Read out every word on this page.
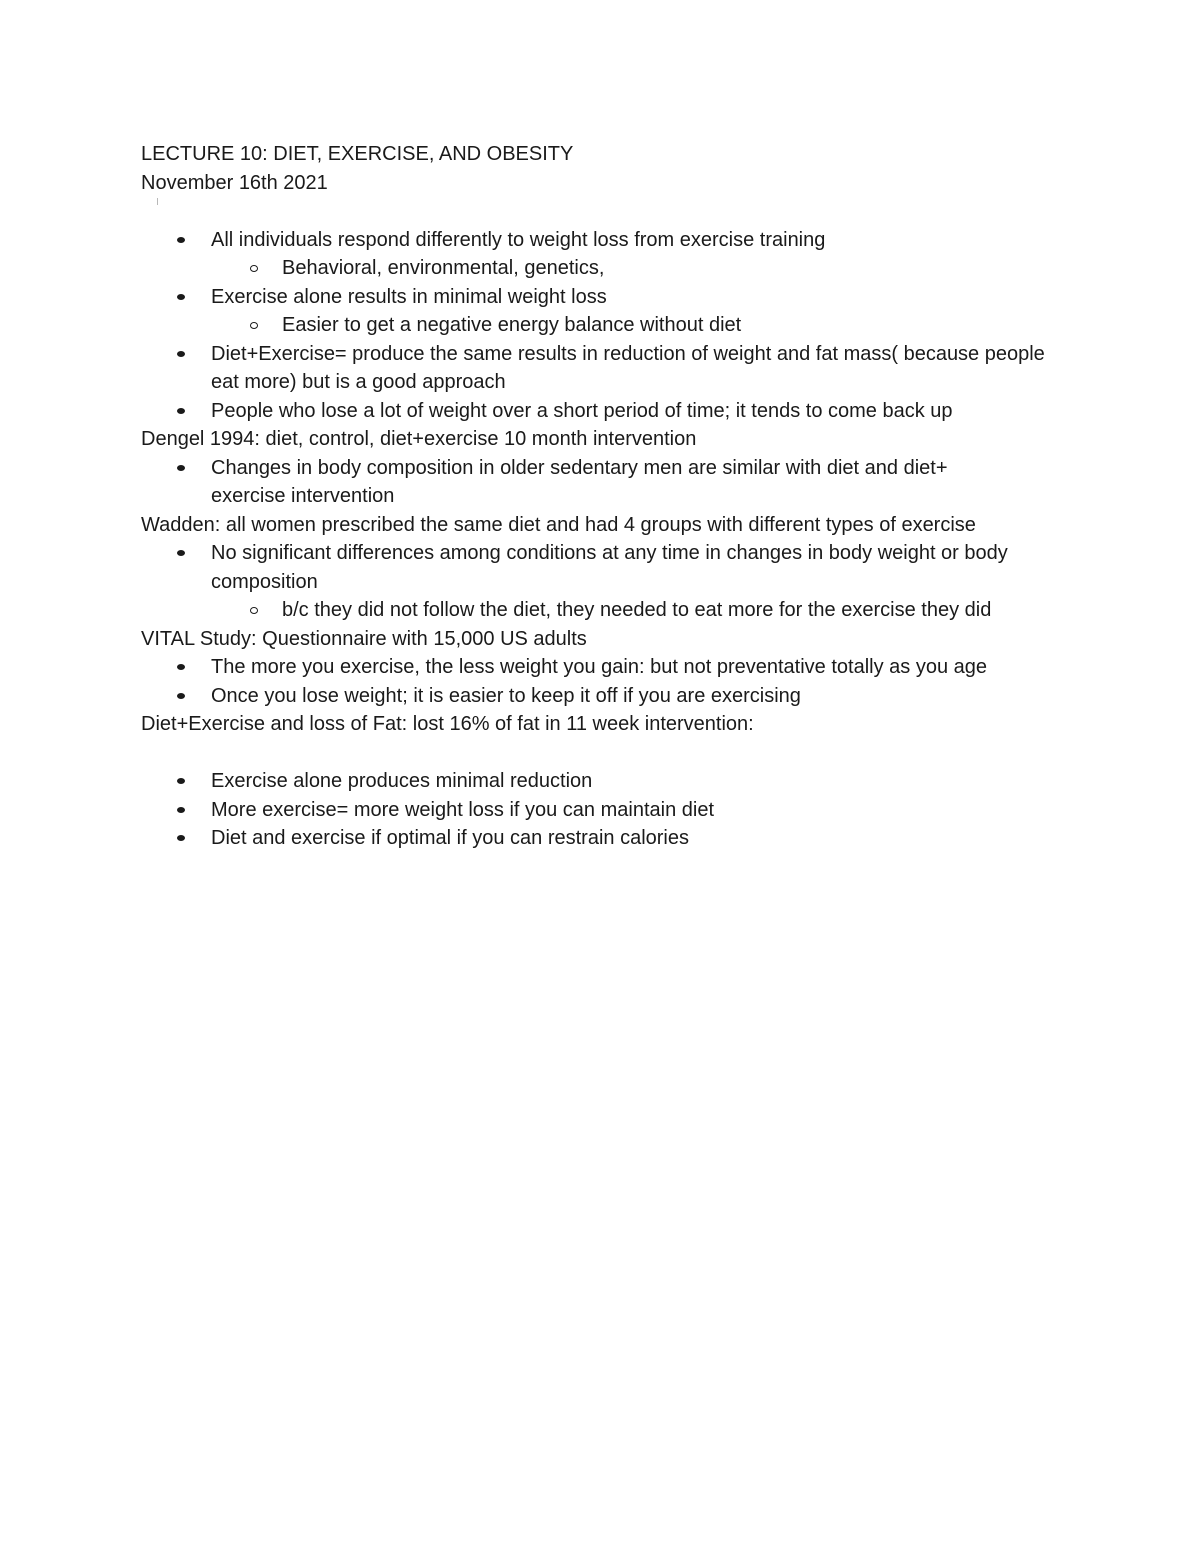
LECTURE 10: DIET, EXERCISE, AND OBESITY

November 16th 2021

All individuals respond differently to weight loss from exercise training
Behavioral, environmental, genetics,
Exercise alone results in minimal weight loss
Easier to get a negative energy balance without diet
Diet+Exercise= produce the same results in reduction of weight and fat mass( because people eat more) but is a good approach
People who lose a lot of weight over a short period of time; it tends to come back up

Dengel 1994: diet, control, diet+exercise 10 month intervention

Changes in body composition in older sedentary men are similar with diet and diet+ exercise intervention

Wadden: all women prescribed the same diet and had 4 groups with different types of exercise

No significant differences among conditions at any time in changes in body weight or body composition
b/c they did not follow the diet, they needed to eat more for the exercise they did

VITAL Study: Questionnaire with 15,000 US adults

The more you exercise, the less weight you gain: but not preventative totally as you age
Once you lose weight; it is easier to keep it off if you are exercising

Diet+Exercise and loss of Fat: lost 16% of fat in 11 week intervention:

Exercise alone produces minimal reduction
More exercise= more weight loss if you can maintain diet
Diet and exercise if optimal if you can restrain calories
